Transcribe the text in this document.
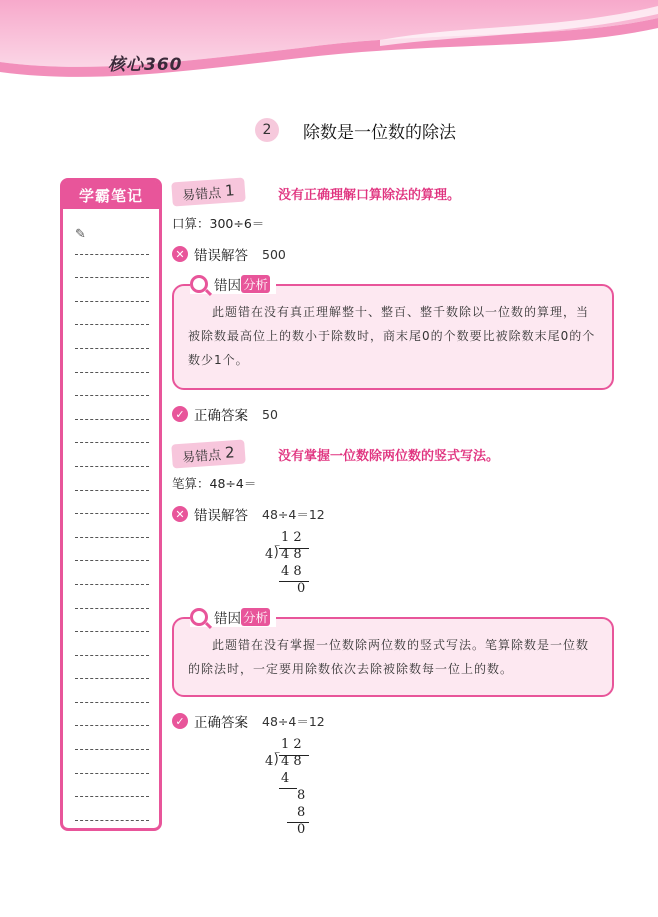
核心360
2	除数是一位数的除法
学霸笔记
✎
易错点 1	没有正确理解口算除法的算理。
口算：300÷6＝
✕ 错误解答 500
此题错在没有真正理解整十、整百、整千数除以一位数的算理，当被除数最高位上的数小于除数时，商末尾0的个数要比被除数末尾0的个数少1个。
错因 分析
✓ 正确答案 50
易错点 2	没有掌握一位数除两位数的竖式写法。
笔算：48÷4＝
✕ 错误解答 48÷4＝12
1 2
4 ⟌ 4 8
4 8
0
此题错在没有掌握一位数除两位数的竖式写法。笔算除数是一位数的除法时，一定要用除数依次去除被除数每一位上的数。
错因 分析
✓ 正确答案 48÷4＝12
1 2
4 ⟌ 4 8
4
8
8
0
